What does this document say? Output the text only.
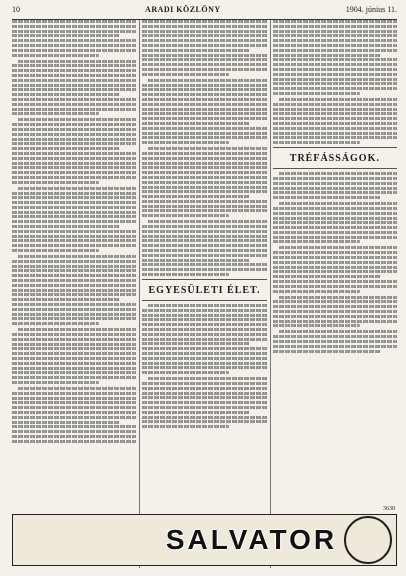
10	ARADI KÖZLÖNY	1904. június 11.
EGYESÜLETI ÉLET.
TRÉFÁSSÁGOK.
3630
SALVATOR
